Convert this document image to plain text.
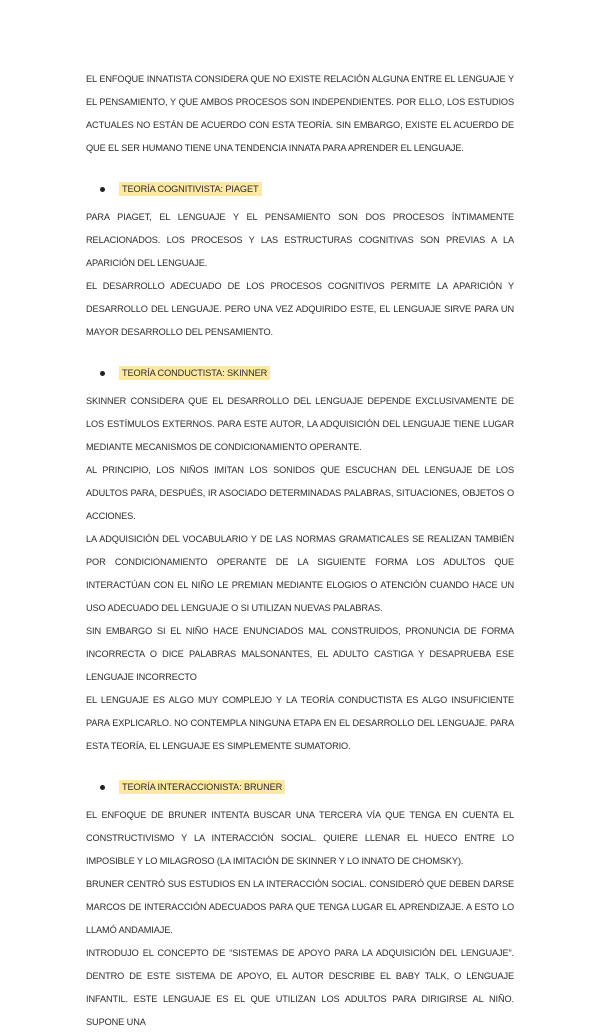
EL ENFOQUE INNATISTA CONSIDERA QUE NO EXISTE RELACIÓN ALGUNA ENTRE EL LENGUAJE Y EL PENSAMIENTO, Y QUE AMBOS PROCESOS SON INDEPENDIENTES. POR ELLO, LOS ESTUDIOS ACTUALES NO ESTÁN DE ACUERDO CON ESTA TEORÍA. SIN EMBARGO, EXISTE EL ACUERDO DE QUE EL SER HUMANO TIENE UNA TENDENCIA INNATA PARA APRENDER EL LENGUAJE.

TEORÍA COGNITIVISTA: PIAGET

PARA PIAGET, EL LENGUAJE Y EL PENSAMIENTO SON DOS PROCESOS ÍNTIMAMENTE RELACIONADOS. LOS PROCESOS Y LAS ESTRUCTURAS COGNITIVAS SON PREVIAS A LA APARICIÓN DEL LENGUAJE.

EL DESARROLLO ADECUADO DE LOS PROCESOS COGNITIVOS PERMITE LA APARICIÓN Y DESARROLLO DEL LENGUAJE. PERO UNA VEZ ADQUIRIDO ESTE, EL LENGUAJE SIRVE PARA UN MAYOR DESARROLLO DEL PENSAMIENTO.

TEORÍA CONDUCTISTA: SKINNER

SKINNER CONSIDERA QUE EL DESARROLLO DEL LENGUAJE DEPENDE EXCLUSIVAMENTE DE LOS ESTÍMULOS EXTERNOS. PARA ESTE AUTOR, LA ADQUISICIÓN DEL LENGUAJE TIENE LUGAR MEDIANTE MECANISMOS DE CONDICIONAMIENTO OPERANTE.

AL PRINCIPIO, LOS NIÑOS IMITAN LOS SONIDOS QUE ESCUCHAN DEL LENGUAJE DE LOS ADULTOS PARA, DESPUÉS, IR ASOCIADO DETERMINADAS PALABRAS, SITUACIONES, OBJETOS O ACCIONES.

LA ADQUISICIÓN DEL VOCABULARIO Y DE LAS NORMAS GRAMATICALES SE REALIZAN TAMBIÉN POR CONDICIONAMIENTO OPERANTE DE LA SIGUIENTE FORMA LOS ADULTOS QUE INTERACTÚAN CON EL NIÑO LE PREMIAN MEDIANTE ELOGIOS O ATENCIÓN CUANDO HACE UN USO ADECUADO DEL LENGUAJE O SI UTILIZAN NUEVAS PALABRAS.

SIN EMBARGO SI EL NIÑO HACE ENUNCIADOS MAL CONSTRUIDOS, PRONUNCIA DE FORMA INCORRECTA O DICE PALABRAS MALSONANTES, EL ADULTO CASTIGA Y DESAPRUEBA ESE LENGUAJE INCORRECTO

EL LENGUAJE ES ALGO MUY COMPLEJO Y LA TEORÍA CONDUCTISTA ES ALGO INSUFICIENTE PARA EXPLICARLO. NO CONTEMPLA NINGUNA ETAPA EN EL DESARROLLO DEL LENGUAJE. PARA ESTA TEORÍA, EL LENGUAJE ES SIMPLEMENTE SUMATORIO.

TEORÍA INTERACCIONISTA: BRUNER

EL ENFOQUE DE BRUNER INTENTA BUSCAR UNA TERCERA VÍA QUE TENGA EN CUENTA EL CONSTRUCTIVISMO Y LA INTERACCIÓN SOCIAL. QUIERE LLENAR EL HUECO ENTRE LO IMPOSIBLE Y LO MILAGROSO (LA IMITACIÓN DE SKINNER Y LO INNATO DE CHOMSKY).

BRUNER CENTRÓ SUS ESTUDIOS EN LA INTERACCIÓN SOCIAL. CONSIDERÓ QUE DEBEN DARSE MARCOS DE INTERACCIÓN ADECUADOS PARA QUE TENGA LUGAR EL APRENDIZAJE. A ESTO LO LLAMÓ ANDAMIAJE.

INTRODUJO EL CONCEPTO DE “SISTEMAS DE APOYO PARA LA ADQUISICIÓN DEL LENGUAJE”. DENTRO DE ESTE SISTEMA DE APOYO, EL AUTOR DESCRIBE EL BABY TALK, O LENGUAJE INFANTIL. ESTE LENGUAJE ES EL QUE UTILIZAN LOS ADULTOS PARA DIRIGIRSE AL NIÑO. SUPONE UNA
